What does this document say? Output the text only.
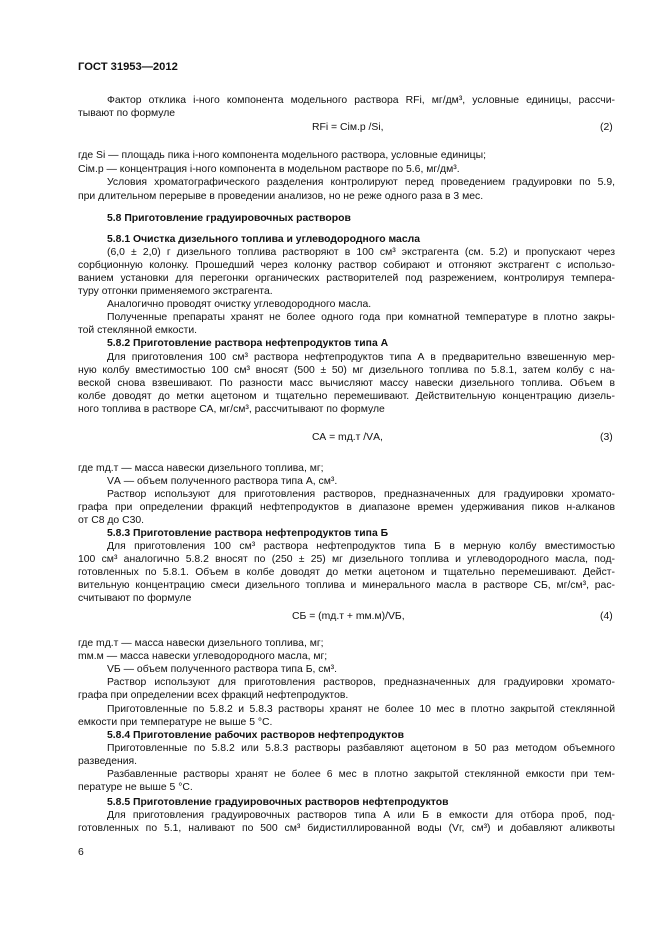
ГОСТ 31953—2012
Фактор отклика i-ного компонента модельного раствора RFi, мг/дм³, условные единицы, рассчи-
тывают по формуле
где Si — площадь пика i-ного компонента модельного раствора, условные единицы;
Сiм.р — концентрация i-ного компонента в модельном растворе по 5.6, мг/дм³.
Условия хроматографического разделения контролируют перед проведением градуировки по 5.9,
при длительном перерыве в проведении анализов, но не реже одного раза в 3 мес.
5.8 Приготовление градуировочных растворов
5.8.1 Очистка дизельного топлива и углеводородного масла
(6,0 ± 2,0) г дизельного топлива растворяют в 100 см³ экстрагента (см. 5.2) и пропускают через
сорбционную колонку. Прошедший через колонку раствор собирают и отгоняют экстрагент с использо-
ванием установки для перегонки органических растворителей под разрежением, контролируя темпера-
туру отгонки применяемого экстрагента.
Аналогично проводят очистку углеводородного масла.
Полученные препараты хранят не более одного года при комнатной температуре в плотно закры-
той стеклянной емкости.
5.8.2 Приготовление раствора нефтепродуктов типа А
Для приготовления 100 см³ раствора нефтепродуктов типа А в предварительно взвешенную мер-
ную колбу вместимостью 100 см³ вносят (500 ± 50) мг дизельного топлива по 5.8.1, затем колбу с на-
веской снова взвешивают. По разности масс вычисляют массу навески дизельного топлива. Объем в
колбе доводят до метки ацетоном и тщательно перемешивают. Действительную концентрацию дизель-
ного топлива в растворе СА, мг/см³, рассчитывают по формуле
где mд.т — масса навески дизельного топлива, мг;
VА — объем полученного раствора типа А, см³.
Раствор используют для приготовления растворов, предназначенных для градуировки хромато-
графа при определении фракций нефтепродуктов в диапазоне времен удерживания пиков н-алканов
от С8 до С30.
5.8.3 Приготовление раствора нефтепродуктов типа Б
Для приготовления 100 см³ раствора нефтепродуктов типа Б в мерную колбу вместимостью
100 см³ аналогично 5.8.2 вносят по (250 ± 25) мг дизельного топлива и углеводородного масла, под-
готовленных по 5.8.1. Объем в колбе доводят до метки ацетоном и тщательно перемешивают. Дейст-
вительную концентрацию смеси дизельного топлива и минерального масла в растворе СБ, мг/см³, рас-
считывают по формуле
где mд.т — масса навески дизельного топлива, мг;
mм.м — масса навески углеводородного масла, мг;
VБ — объем полученного раствора типа Б, см³.
Раствор используют для приготовления растворов, предназначенных для градуировки хромато-
графа при определении всех фракций нефтепродуктов.
Приготовленные по 5.8.2 и 5.8.3 растворы хранят не более 10 мес в плотно закрытой стеклянной
емкости при температуре не выше 5 °С.
5.8.4 Приготовление рабочих растворов нефтепродуктов
Приготовленные по 5.8.2 или 5.8.3 растворы разбавляют ацетоном в 50 раз методом объемного
разведения.
Разбавленные растворы хранят не более 6 мес в плотно закрытой стеклянной емкости при тем-
пературе не выше 5 °С.
5.8.5 Приготовление градуировочных растворов нефтепродуктов
Для приготовления градуировочных растворов типа А или Б в емкости для отбора проб, под-
готовленных по 5.1, наливают по 500 см³ бидистиллированной воды (Vг, см³) и добавляют аликвоты
RFi = Сiм.р /Si,	(2)
СА = mд.т /VА,	(3)
СБ = (mд.т + mм.м)/VБ,	(4)
6
